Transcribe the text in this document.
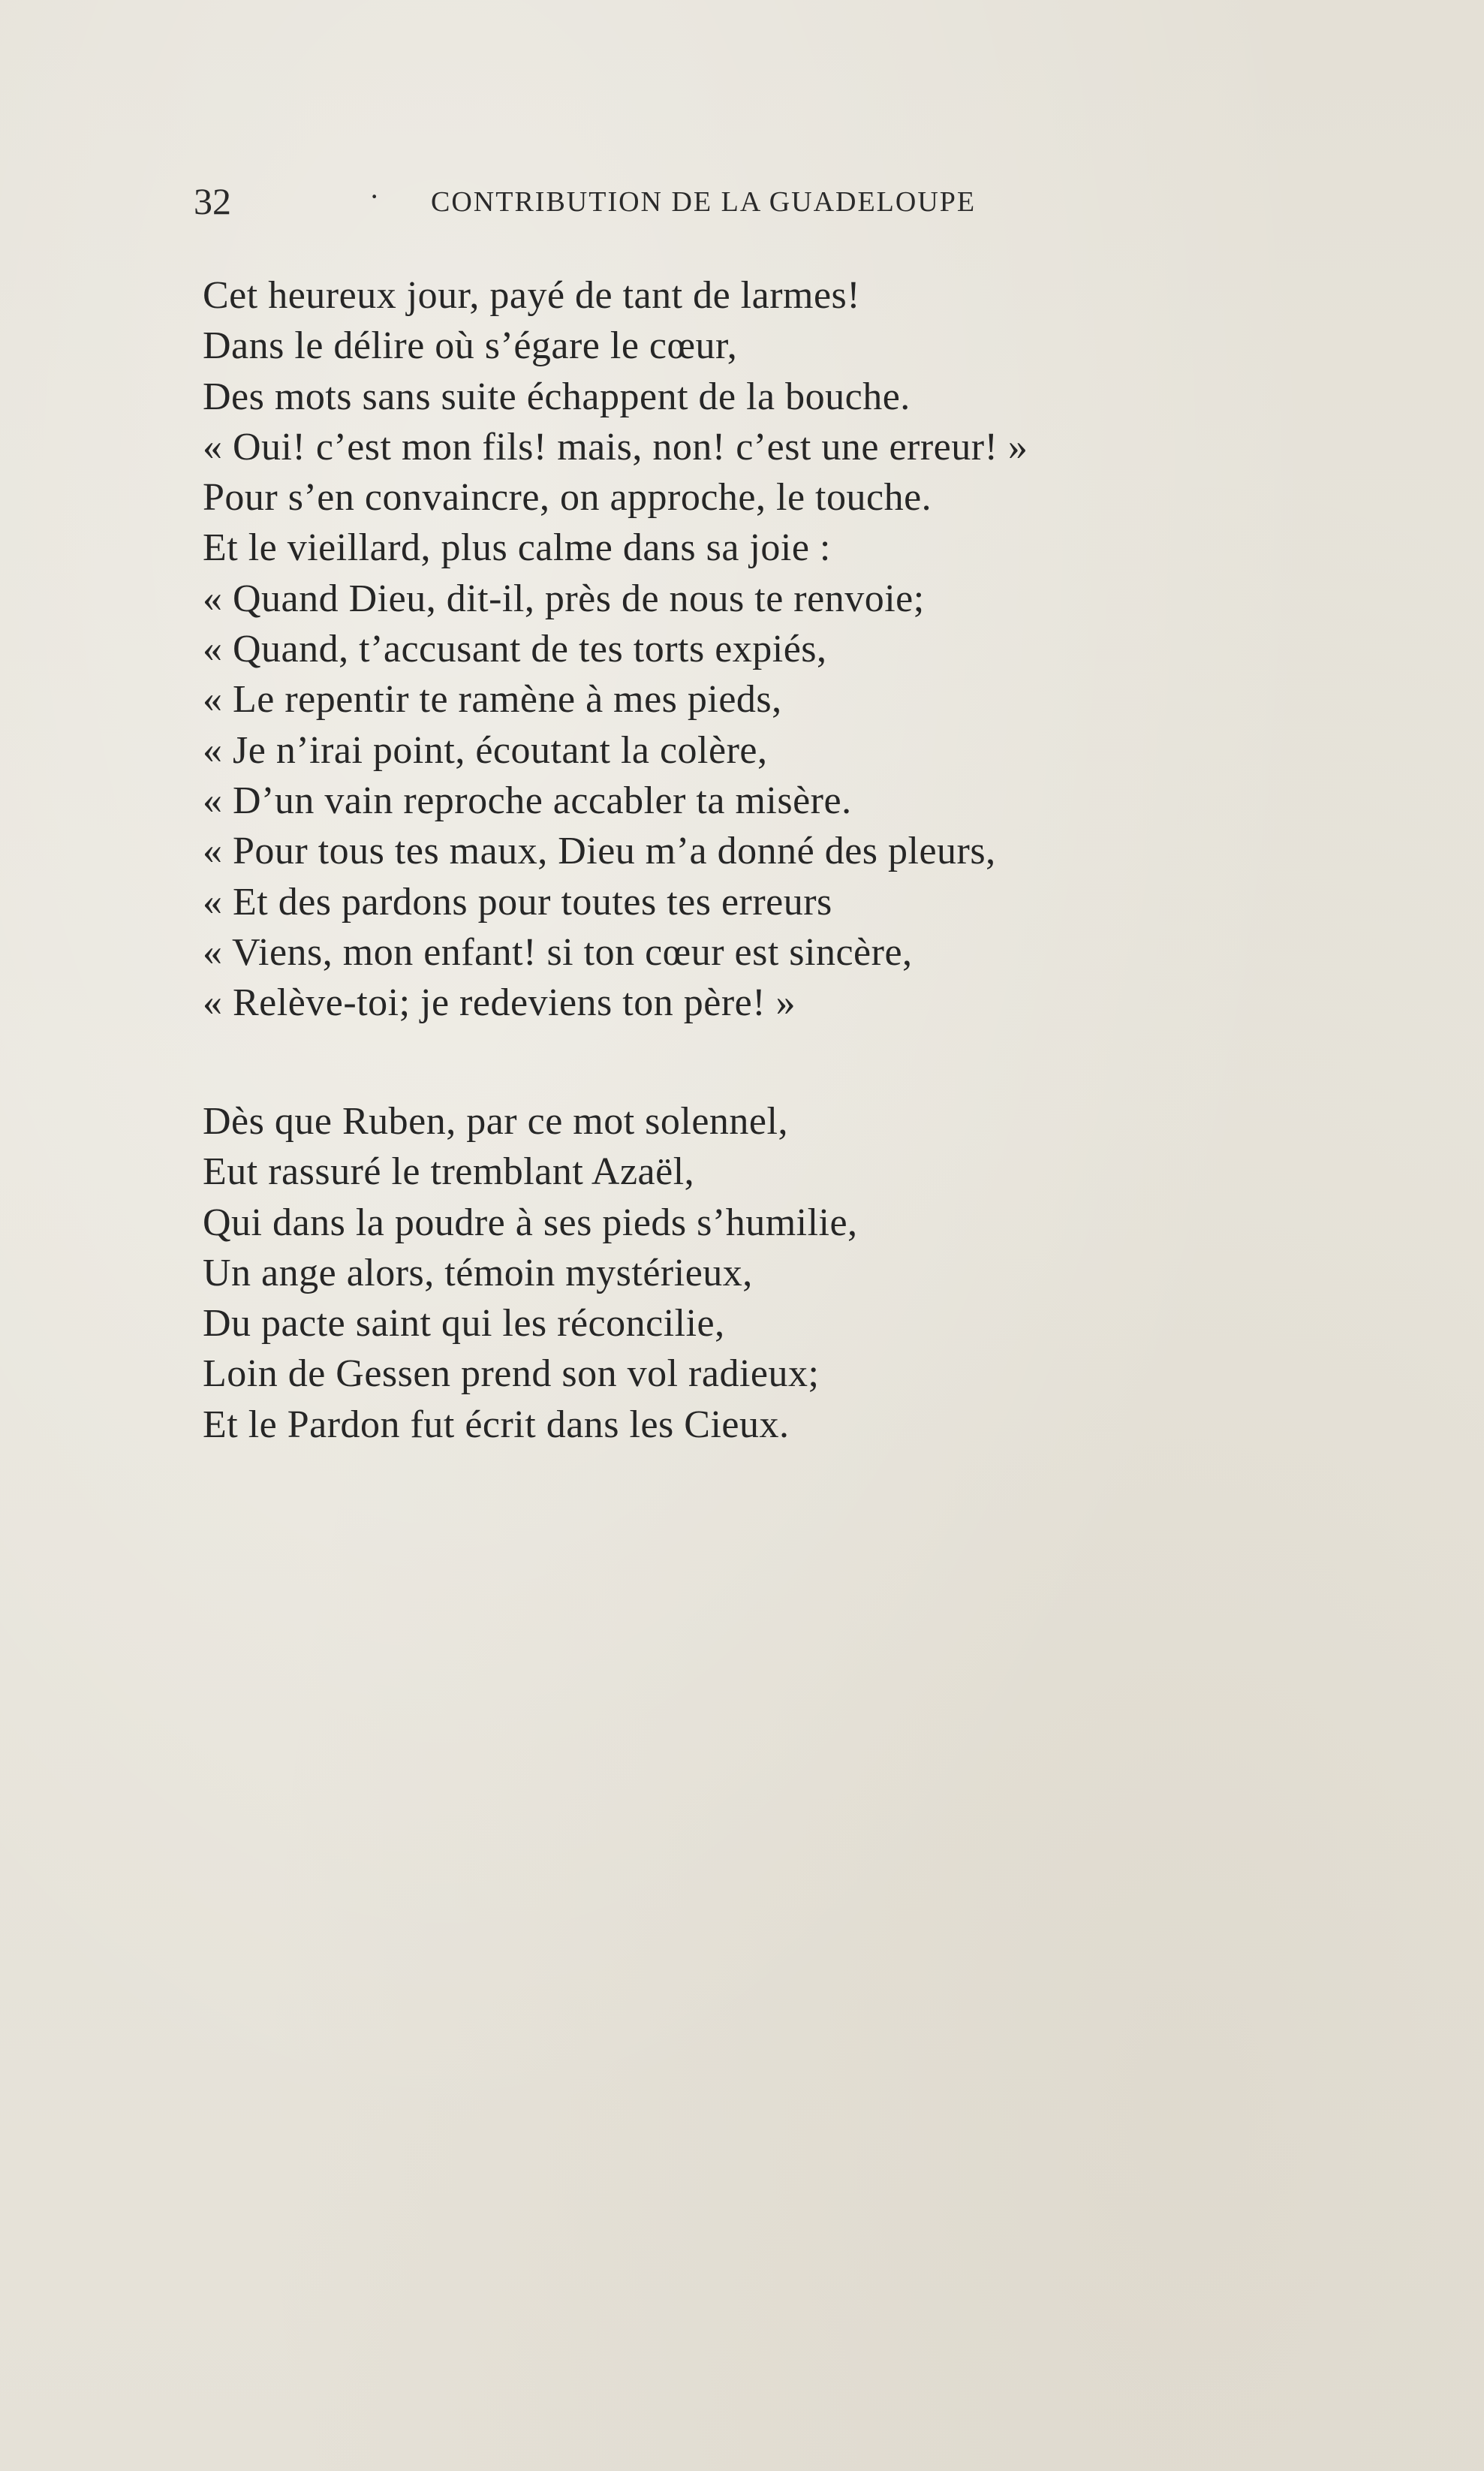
32	· CONTRIBUTION DE LA GUADELOUPE
Cet heureux jour, payé de tant de larmes!
Dans le délire où s’égare le cœur,
Des mots sans suite échappent de la bouche.
« Oui! c’est mon fils! mais, non! c’est une erreur! »
Pour s’en convaincre, on approche, le touche.
Et le vieillard, plus calme dans sa joie :
« Quand Dieu, dit-il, près de nous te renvoie;
« Quand, t’accusant de tes torts expiés,
« Le repentir te ramène à mes pieds,
« Je n’irai point, écoutant la colère,
« D’un vain reproche accabler ta misère.
« Pour tous tes maux, Dieu m’a donné des pleurs,
« Et des pardons pour toutes tes erreurs
« Viens, mon enfant! si ton cœur est sincère,
« Relève-toi; je redeviens ton père! »
Dès que Ruben, par ce mot solennel,
Eut rassuré le tremblant Azaël,
Qui dans la poudre à ses pieds s’humilie,
Un ange alors, témoin mystérieux,
Du pacte saint qui les réconcilie,
Loin de Gessen prend son vol radieux;
Et le Pardon fut écrit dans les Cieux.
